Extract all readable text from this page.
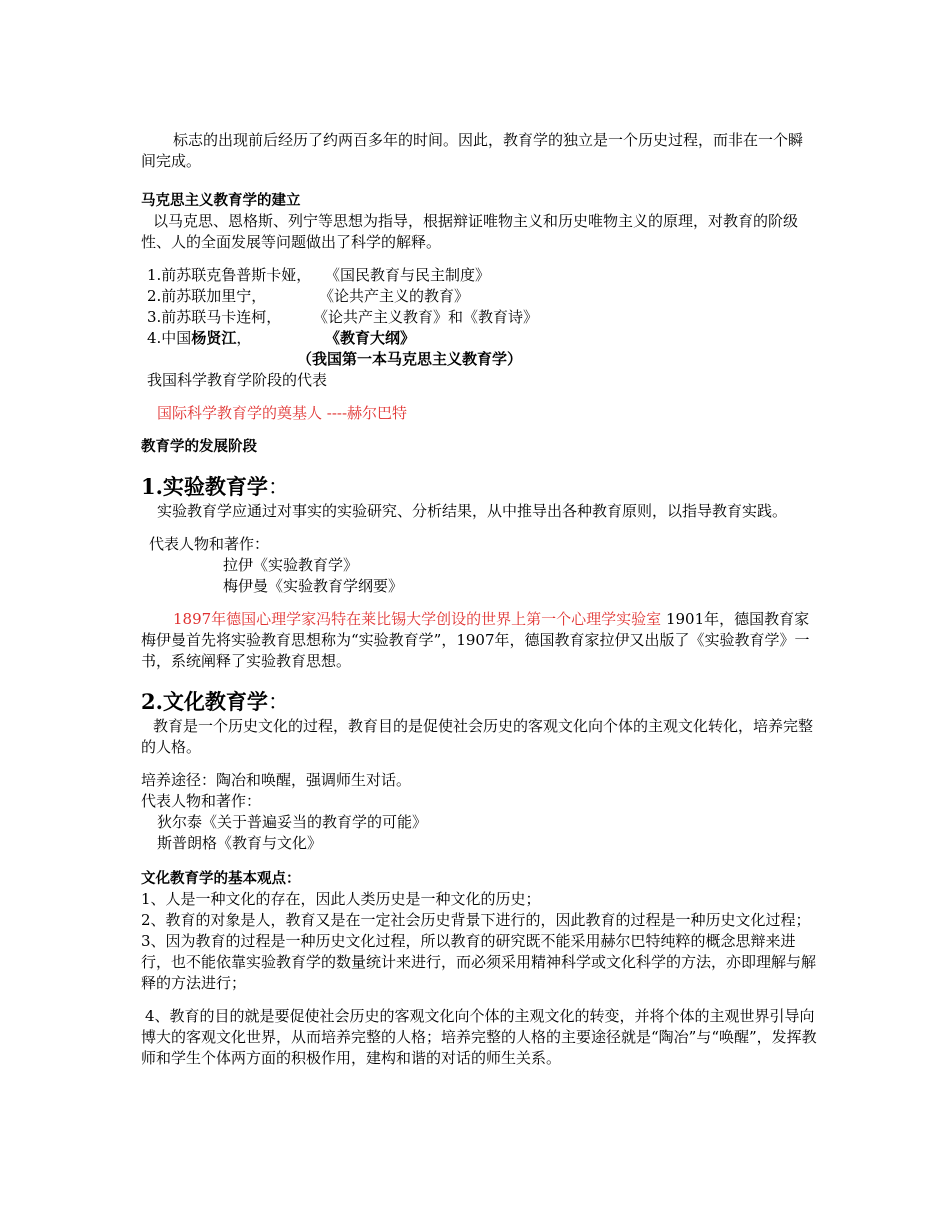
标志的出现前后经历了约两百多年的时间。因此，教育学的独立是一个历史过程，而非在一个瞬间完成。

马克思主义教育学的建立

以马克思、恩格斯、列宁等思想为指导，根据辩证唯物主义和历史唯物主义的原理，对教育的阶级性、人的全面发展等问题做出了科学的解释。

1.前苏联克鲁普斯卡娅， 《国民教育与民主制度》
2.前苏联加里宁，	《论共产主义的教育》
3.前苏联马卡连柯，	《论共产主义教育》和《教育诗》
4.中国杨贤江，	《教育大纲》
（我国第一本马克思主义教育学）

我国科学教育学阶段的代表

国际科学教育学的奠基人 ----赫尔巴特

教育学的发展阶段

1.实验教育学：

实验教育学应通过对事实的实验研究、分析结果，从中推导出各种教育原则，以指导教育实践。

代表人物和著作：

拉伊《实验教育学》

梅伊曼《实验教育学纲要》

1897年德国心理学家冯特在莱比锡大学创设的世界上第一个心理学实验室 1901年，德国教育家梅伊曼首先将实验教育思想称为“实验教育学”，1907年，德国教育家拉伊又出版了《实验教育学》一书，系统阐释了实验教育思想。

2.文化教育学：

教育是一个历史文化的过程，教育目的是促使社会历史的客观文化向个体的主观文化转化，培养完整的人格。

培养途径：陶冶和唤醒，强调师生对话。

代表人物和著作：

狄尔泰《关于普遍妥当的教育学的可能》

斯普朗格《教育与文化》

文化教育学的基本观点：

1、人是一种文化的存在，因此人类历史是一种文化的历史；

2、教育的对象是人，教育又是在一定社会历史背景下进行的，因此教育的过程是一种历史文化过程；

3、因为教育的过程是一种历史文化过程，所以教育的研究既不能采用赫尔巴特纯粹的概念思辩来进行，也不能依靠实验教育学的数量统计来进行，而必须采用精神科学或文化科学的方法，亦即理解与解释的方法进行；

4、教育的目的就是要促使社会历史的客观文化向个体的主观文化的转变，并将个体的主观世界引导向博大的客观文化世界，从而培养完整的人格；培养完整的人格的主要途径就是“陶冶”与“唤醒”，发挥教师和学生个体两方面的积极作用，建构和谐的对话的师生关系。
